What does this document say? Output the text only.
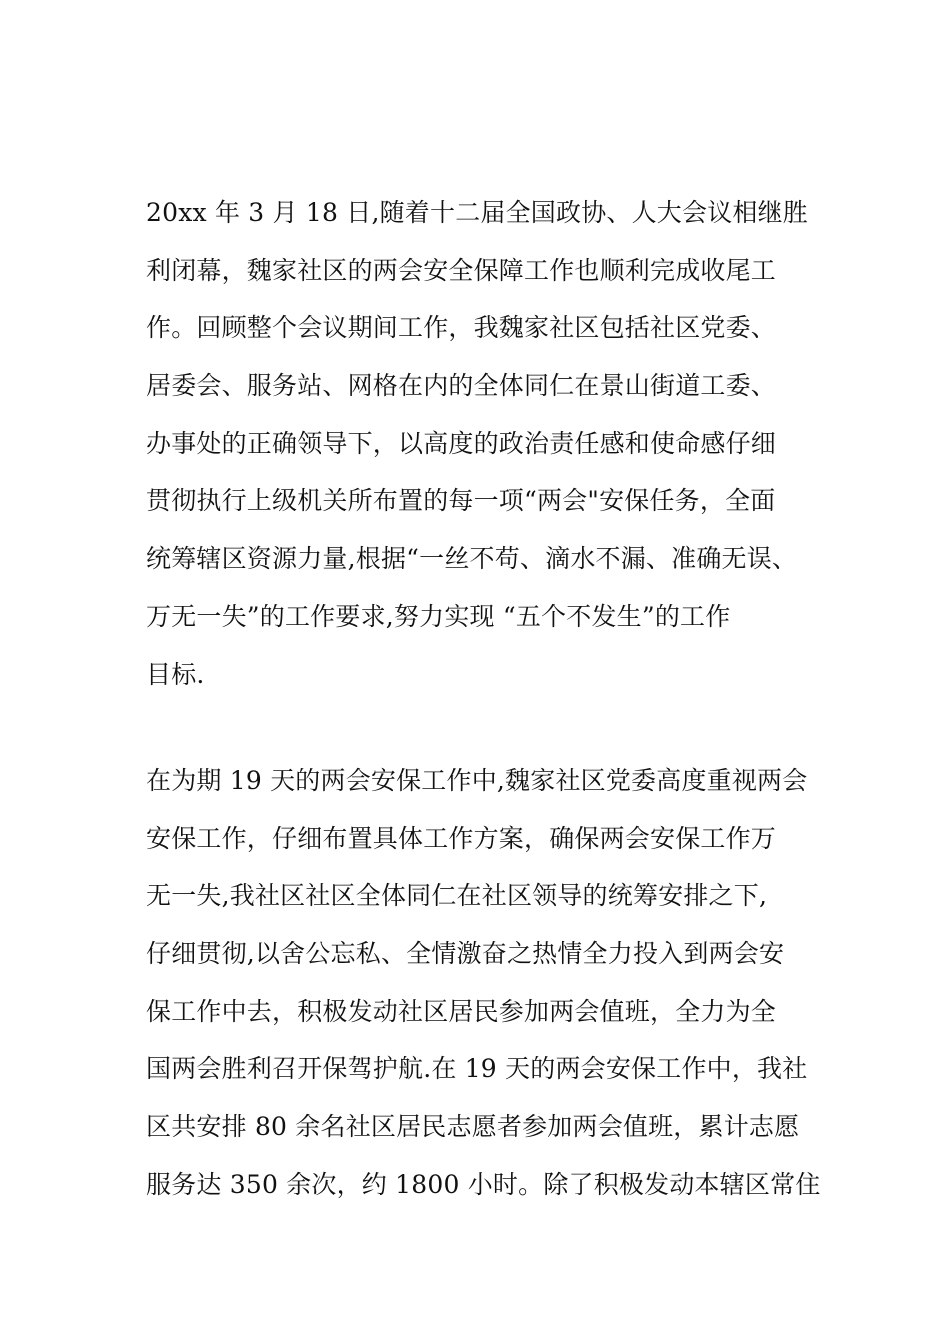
20xx 年 3 月 18 日,随着十二届全国政协、人大会议相继胜
利闭幕，魏家社区的两会安全保障工作也顺利完成收尾工
作。回顾整个会议期间工作，我魏家社区包括社区党委、
居委会、服务站、网格在内的全体同仁在景山街道工委、
办事处的正确领导下，以高度的政治责任感和使命感仔细
贯彻执行上级机关所布置的每一项“两会"安保任务，全面
统筹辖区资源力量,根据“一丝不苟、滴水不漏、准确无误、
万无一失”的工作要求,努力实现 “五个不发生”的工作
目标.
在为期 19 天的两会安保工作中,魏家社区党委高度重视两会
安保工作，仔细布置具体工作方案，确保两会安保工作万
无一失,我社区社区全体同仁在社区领导的统筹安排之下,
仔细贯彻,以舍公忘私、全情激奋之热情全力投入到两会安
保工作中去，积极发动社区居民参加两会值班，全力为全
国两会胜利召开保驾护航.在 19 天的两会安保工作中，我社
区共安排 80 余名社区居民志愿者参加两会值班，累计志愿
服务达 350 余次，约 1800 小时。除了积极发动本辖区常住
